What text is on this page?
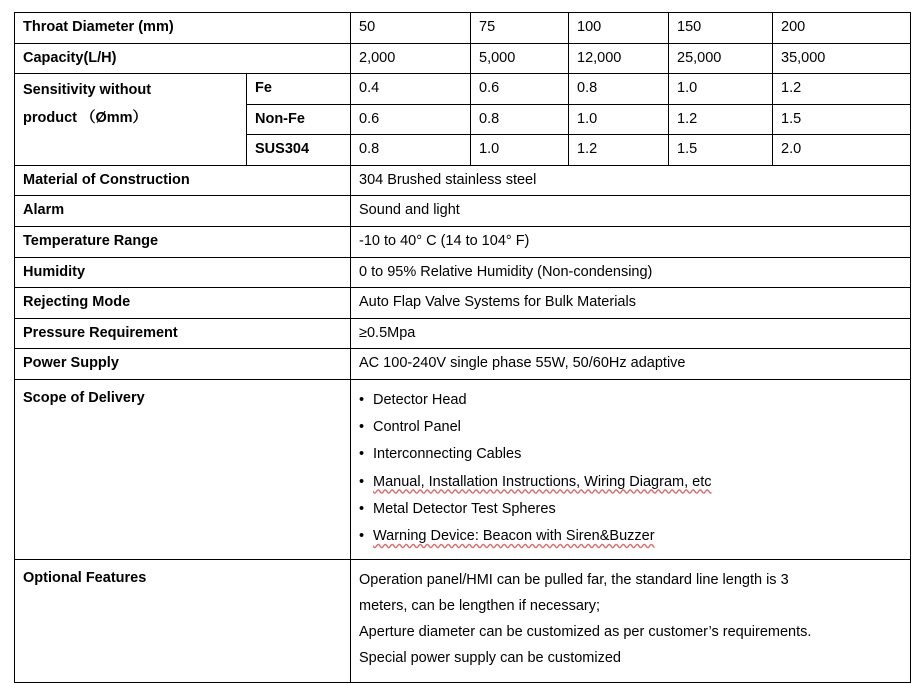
Throat Diameter (mm)		50	75	100	150	200
Capacity(L/H)		2,000	5,000	12,000	25,000	35,000

Sensitivity without
product （Ømm）	Fe	0.4	0.6	0.8	1.0	1.2
	Non-Fe	0.6	0.8	1.0	1.2	1.5
	SUS304	0.8	1.0	1.2	1.5	2.0
Material of Construction		304 Brushed stainless steel				
Alarm		Sound and light				
Temperature Range		-10 to 40° C (14 to 104° F)				
Humidity		0 to 95% Relative Humidity (Non-condensing)				
Rejecting Mode		Auto Flap Valve Systems for Bulk Materials				
Pressure Requirement		≥0.5Mpa				
Power Supply		AC 100-240V single phase 55W, 50/60Hz adaptive				
Scope of Delivery	• Detector Head
• Control Panel
• Interconnecting Cables
• Manual, Installation Instructions, Wiring Diagram, etc
• Metal Detector Test Spheres
• Warning Device: Beacon with Siren&Buzzer

Optional Features		Operation panel/HMI can be pulled far, the standard line length is 3

meters, can be lengthen if necessary;

Aperture diameter can be customized as per customer’s requirements.

Special power supply can be customized				
